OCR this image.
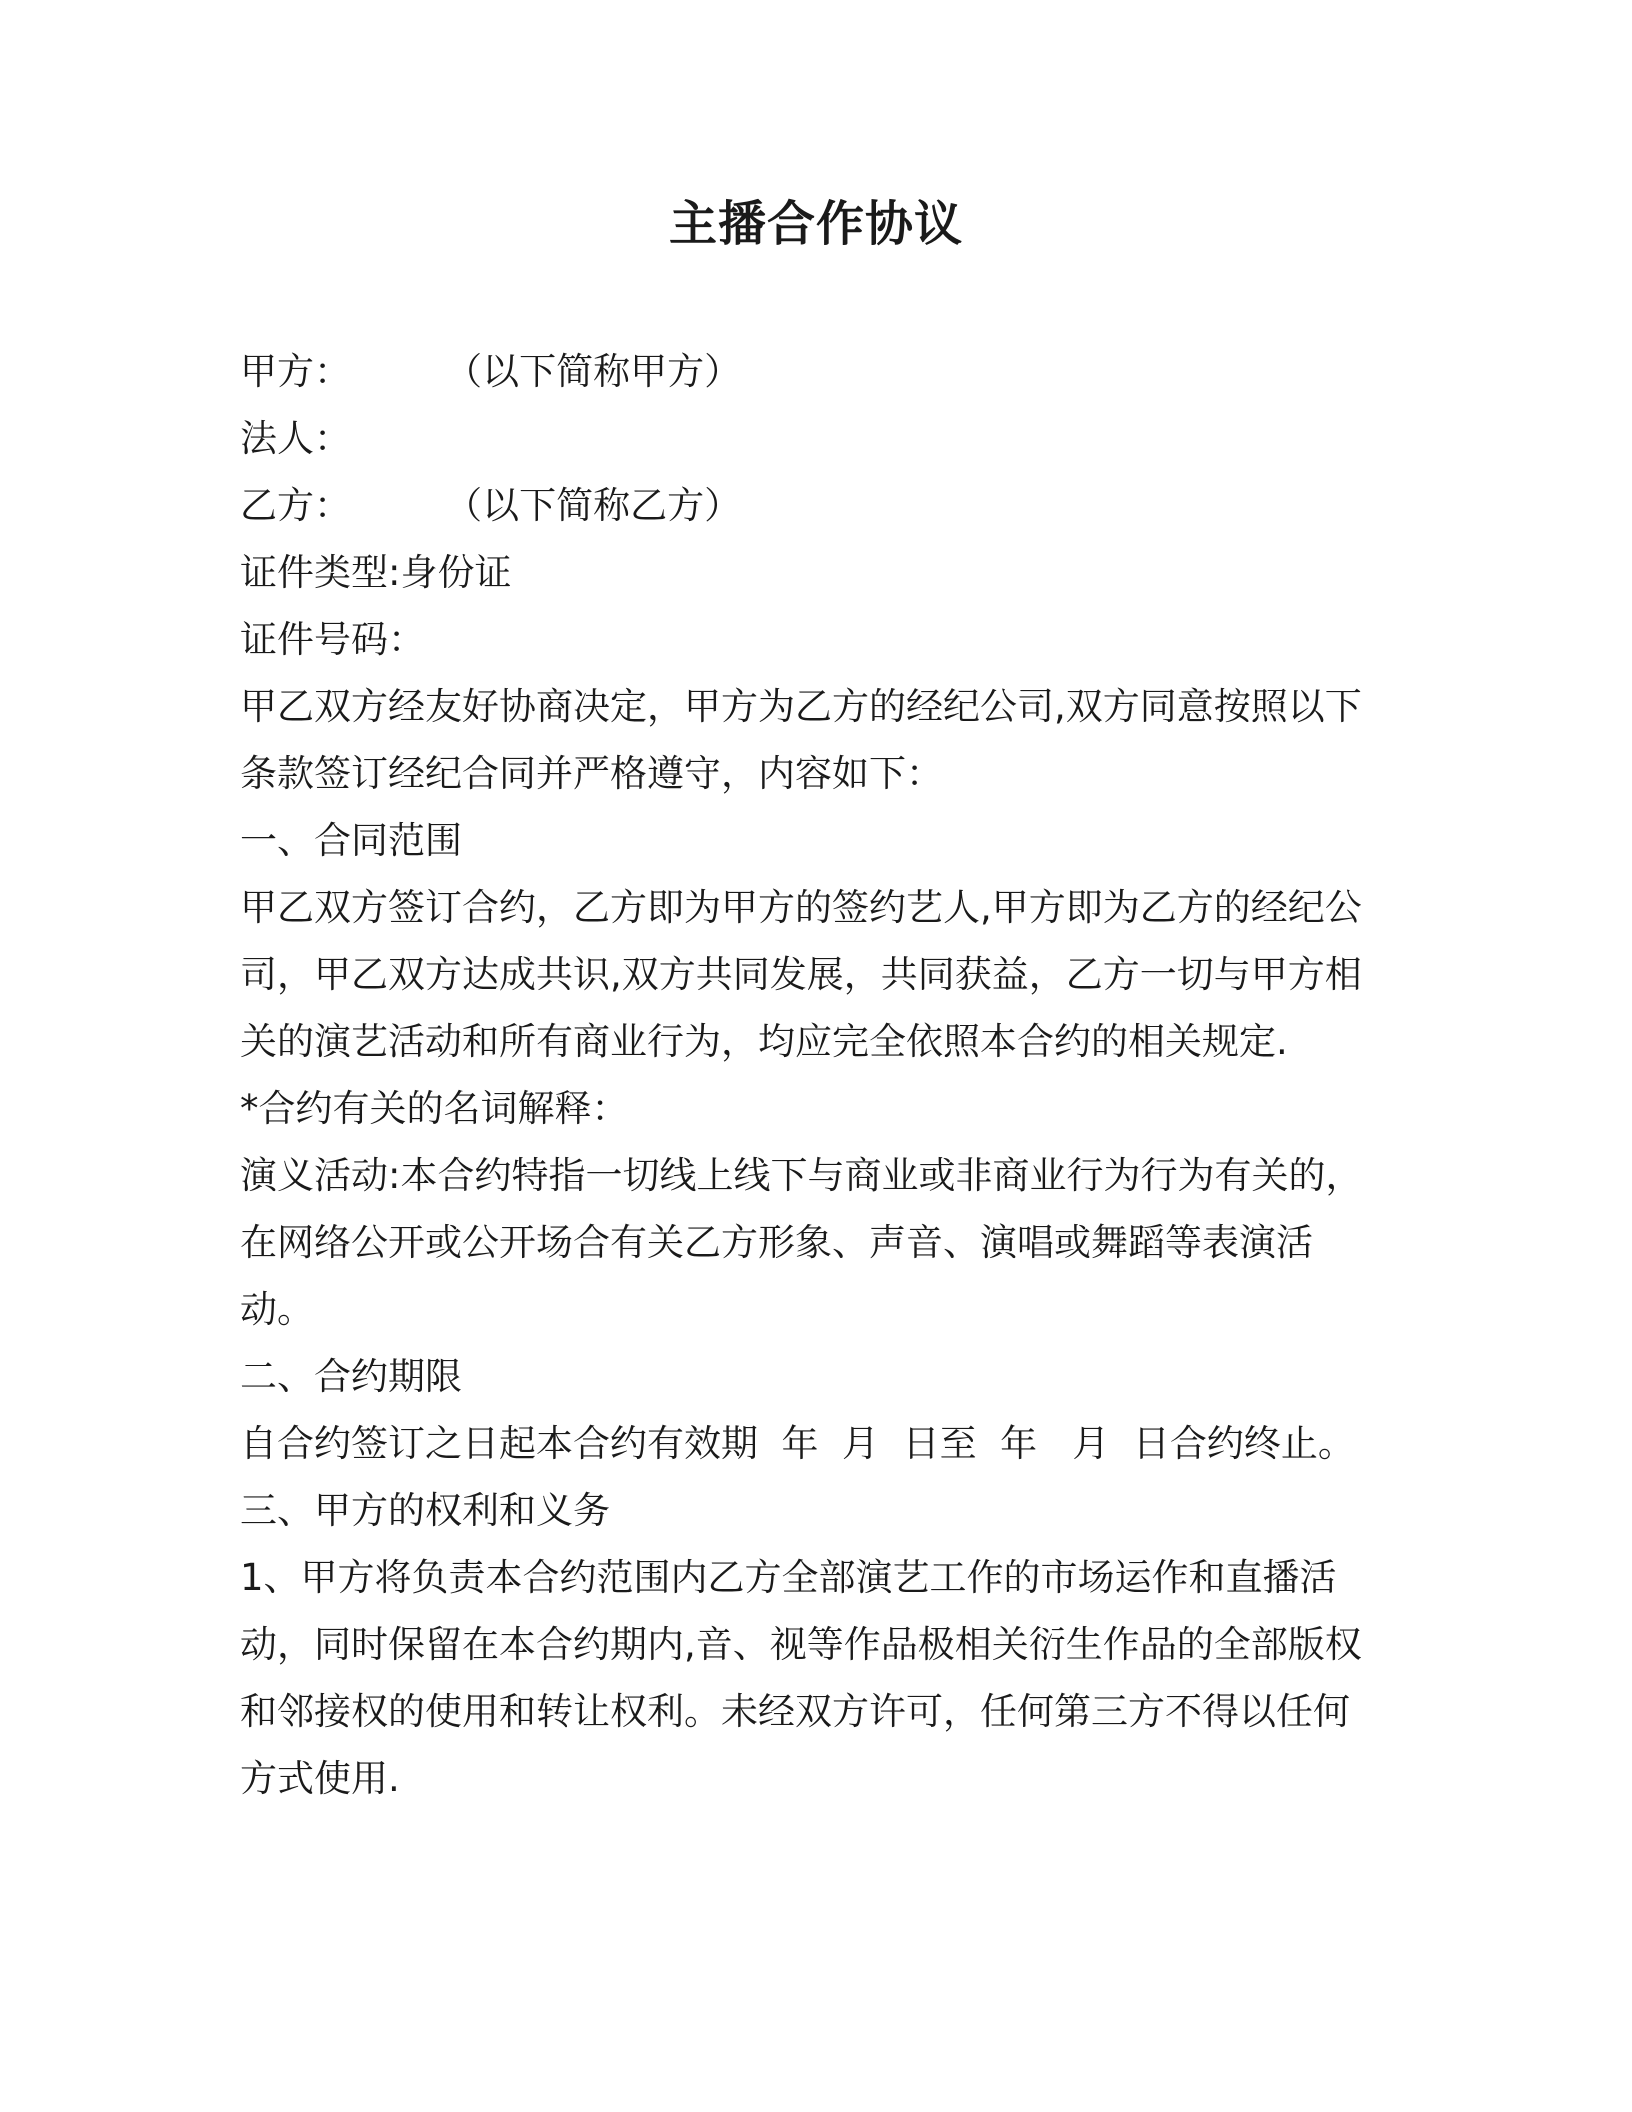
主播合作协议
甲方：        （以下简称甲方）
法人：
乙方：        （以下简称乙方）
证件类型:身份证
证件号码：
甲乙双方经友好协商决定，甲方为乙方的经纪公司,双方同意按照以下
条款签订经纪合同并严格遵守，内容如下：
一、合同范围
甲乙双方签订合约，乙方即为甲方的签约艺人,甲方即为乙方的经纪公
司，甲乙双方达成共识,双方共同发展，共同获益，乙方一切与甲方相
关的演艺活动和所有商业行为，均应完全依照本合约的相关规定.
*合约有关的名词解释：
演义活动:本合约特指一切线上线下与商业或非商业行为行为有关的，
在网络公开或公开场合有关乙方形象、声音、演唱或舞蹈等表演活
动。
二、合约期限
自合约签订之日起本合约有效期  年  月  日至  年   月  日合约终止。
三、甲方的权利和义务
1、甲方将负责本合约范围内乙方全部演艺工作的市场运作和直播活
动，同时保留在本合约期内,音、视等作品极相关衍生作品的全部版权
和邻接权的使用和转让权利。未经双方许可，任何第三方不得以任何
方式使用.
